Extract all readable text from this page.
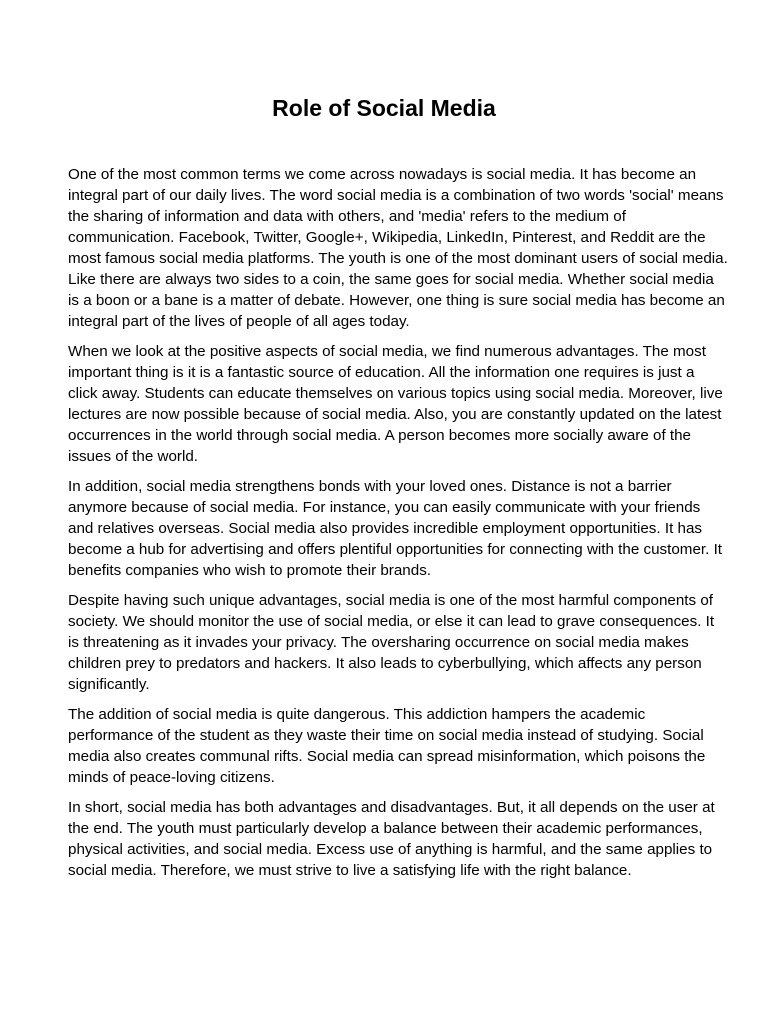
Role of Social Media

One of the most common terms we come across nowadays is social media. It has become an integral part of our daily lives. The word social media is a combination of two words 'social' means the sharing of information and data with others, and 'media' refers to the medium of communication. Facebook, Twitter, Google+, Wikipedia, LinkedIn, Pinterest, and Reddit are the most famous social media platforms. The youth is one of the most dominant users of social media. Like there are always two sides to a coin, the same goes for social media. Whether social media is a boon or a bane is a matter of debate. However, one thing is sure social media has become an integral part of the lives of people of all ages today.

When we look at the positive aspects of social media, we find numerous advantages. The most important thing is it is a fantastic source of education. All the information one requires is just a click away. Students can educate themselves on various topics using social media. Moreover, live lectures are now possible because of social media. Also, you are constantly updated on the latest occurrences in the world through social media. A person becomes more socially aware of the issues of the world.

In addition, social media strengthens bonds with your loved ones. Distance is not a barrier anymore because of social media. For instance, you can easily communicate with your friends and relatives overseas. Social media also provides incredible employment opportunities. It has become a hub for advertising and offers plentiful opportunities for connecting with the customer. It benefits companies who wish to promote their brands.

Despite having such unique advantages, social media is one of the most harmful components of society. We should monitor the use of social media, or else it can lead to grave consequences. It is threatening as it invades your privacy. The oversharing occurrence on social media makes children prey to predators and hackers. It also leads to cyberbullying, which affects any person significantly.

The addition of social media is quite dangerous. This addiction hampers the academic performance of the student as they waste their time on social media instead of studying. Social media also creates communal rifts. Social media can spread misinformation, which poisons the minds of peace-loving citizens.

In short, social media has both advantages and disadvantages. But, it all depends on the user at the end. The youth must particularly develop a balance between their academic performances, physical activities, and social media. Excess use of anything is harmful, and the same applies to social media. Therefore, we must strive to live a satisfying life with the right balance.
